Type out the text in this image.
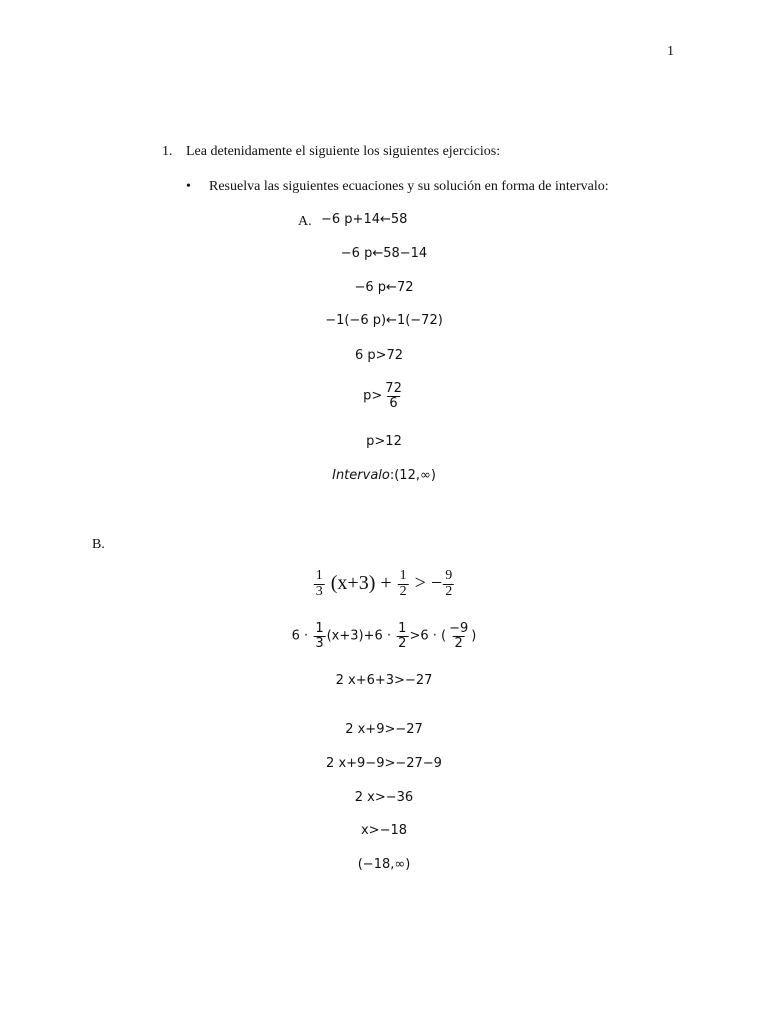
1
1. Lea detenidamente el siguiente los siguientes ejercicios:
• Resuelva las siguientes ecuaciones y su solución en forma de intervalo:
A. −6 p+14←58
−6 p←58−14
−6 p←72
−1(−6 p)←1(−72)
6 p>72
$p> \frac{72}{6}$
p>12
Intervalo:(12,∞)
B.
$\frac{1}{3} (x+3) + \frac{1}{2}$ > − $\frac{9}{2}$
$6 \cdot \frac{1}{3} (x+3)+6 \cdot \frac{1}{2} >6$ · ( $\frac{-9}{2}$ )
2 x+6+3>−27
2 x+9>−27
2 x+9−9>−27−9
2 x>−36
x>−18
(−18,∞)
